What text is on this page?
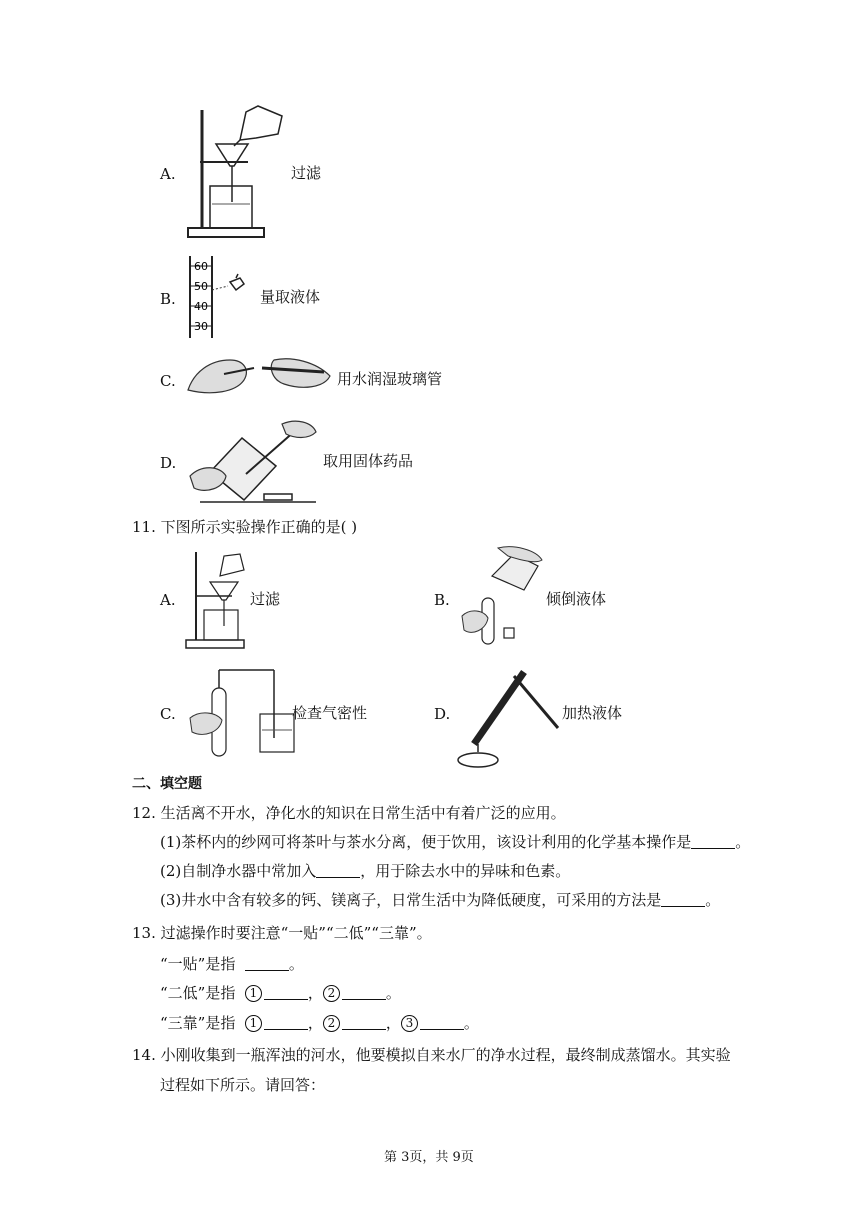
A.	过滤
B.
60
50
40
30
量取液体
C.	用水润湿玻璃管
D.	取用固体药品
11. 下图所示实验操作正确的是( )
A.	过滤	B.	倾倒液体
C.	检查气密性	D.	加热液体
二、填空题
12. 生活离不开水，净化水的知识在日常生活中有着广泛的应用。
(1)茶杯内的纱网可将茶叶与茶水分离，便于饮用，该设计利用的化学基本操作是	。
(2)自制净水器中常加入	，用于除去水中的异味和色素。
(3)井水中含有较多的钙、镁离子，日常生活中为降低硬度，可采用的方法是	。
13. 过滤操作时要注意“一贴”“二低”“三靠”。
“一贴”是指	。
“二低”是指 1	， 2	。
“三靠”是指 1	， 2	， 3	。
14. 小刚收集到一瓶浑浊的河水，他要模拟自来水厂的净水过程，最终制成蒸馏水。其实验
过程如下所示。请回答：
第 3页，共 9页
